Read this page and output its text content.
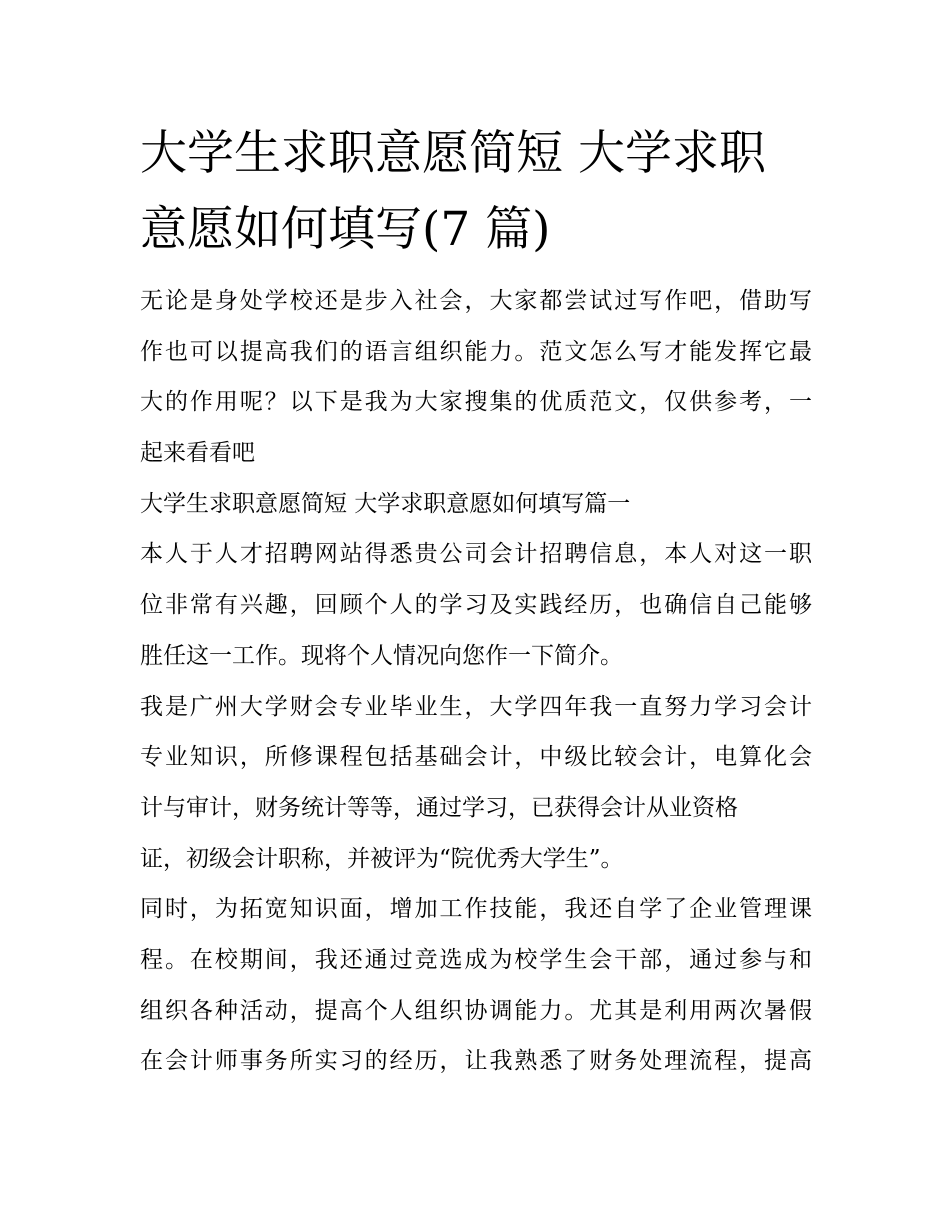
大学生求职意愿简短 大学求职
意愿如何填写(7 篇)
无论是身处学校还是步入社会，大家都尝试过写作吧，借助写
作也可以提高我们的语言组织能力。范文怎么写才能发挥它最
大的作用呢？以下是我为大家搜集的优质范文，仅供参考，一
起来看看吧
大学生求职意愿简短 大学求职意愿如何填写篇一
本人于人才招聘网站得悉贵公司会计招聘信息，本人对这一职
位非常有兴趣，回顾个人的学习及实践经历，也确信自己能够
胜任这一工作。现将个人情况向您作一下简介。
我是广州大学财会专业毕业生，大学四年我一直努力学习会计
专业知识，所修课程包括基础会计，中级比较会计，电算化会
计与审计，财务统计等等，通过学习，已获得会计从业资格
证，初级会计职称，并被评为“院优秀大学生”。
同时，为拓宽知识面，增加工作技能，我还自学了企业管理课
程。在校期间，我还通过竞选成为校学生会干部，通过参与和
组织各种活动，提高个人组织协调能力。尤其是利用两次暑假
在会计师事务所实习的经历，让我熟悉了财务处理流程，提高
